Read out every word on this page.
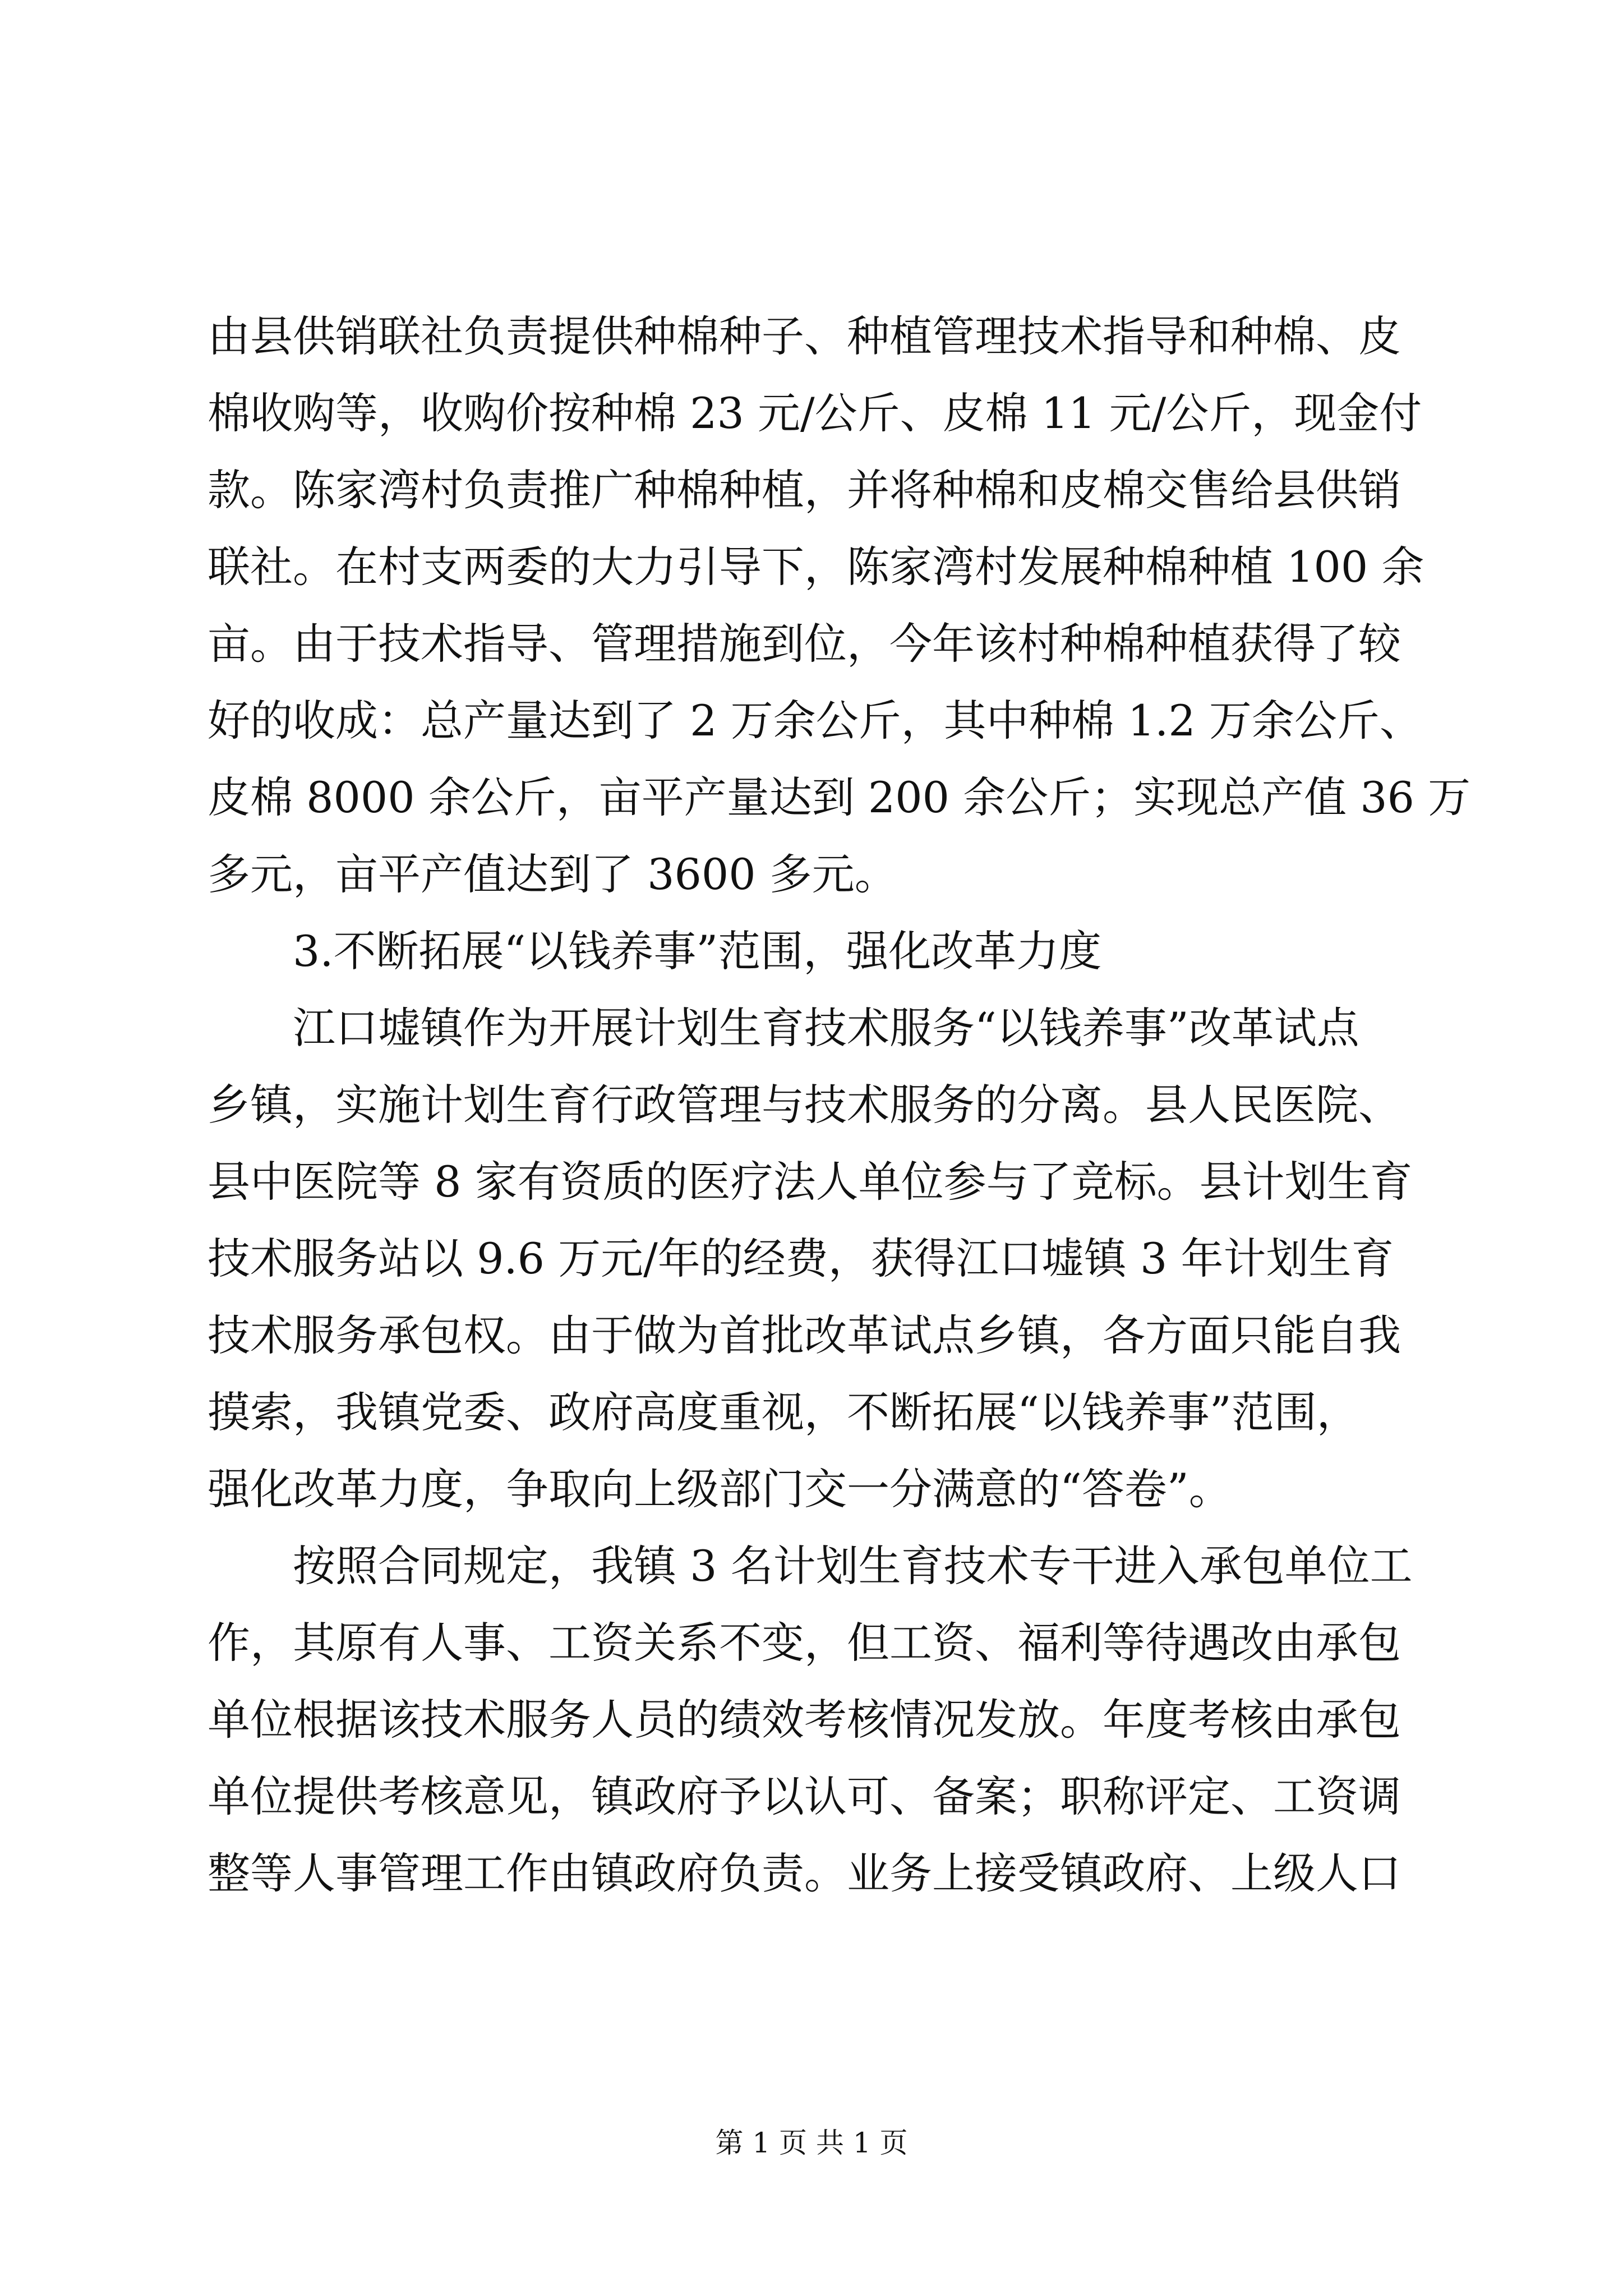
由县供销联社负责提供种棉种子、种植管理技术指导和种棉、皮
棉收购等，收购价按种棉 23 元/公斤、皮棉 11 元/公斤，现金付
款。陈家湾村负责推广种棉种植，并将种棉和皮棉交售给县供销
联社。在村支两委的大力引导下，陈家湾村发展种棉种植 100 余
亩。由于技术指导、管理措施到位，今年该村种棉种植获得了较
好的收成：总产量达到了 2 万余公斤，其中种棉 1.2 万余公斤、
皮棉 8000 余公斤，亩平产量达到 200 余公斤；实现总产值 36 万
多元，亩平产值达到了 3600 多元。
3.不断拓展“以钱养事”范围，强化改革力度
江口墟镇作为开展计划生育技术服务“以钱养事”改革试点
乡镇，实施计划生育行政管理与技术服务的分离。县人民医院、
县中医院等 8 家有资质的医疗法人单位参与了竞标。县计划生育
技术服务站以 9.6 万元/年的经费，获得江口墟镇 3 年计划生育
技术服务承包权。由于做为首批改革试点乡镇，各方面只能自我
摸索，我镇党委、政府高度重视，不断拓展“以钱养事”范围，
强化改革力度，争取向上级部门交一分满意的“答卷”。
按照合同规定，我镇 3 名计划生育技术专干进入承包单位工
作，其原有人事、工资关系不变，但工资、福利等待遇改由承包
单位根据该技术服务人员的绩效考核情况发放。年度考核由承包
单位提供考核意见，镇政府予以认可、备案；职称评定、工资调
整等人事管理工作由镇政府负责。业务上接受镇政府、上级人口
第 1 页 共 1 页
